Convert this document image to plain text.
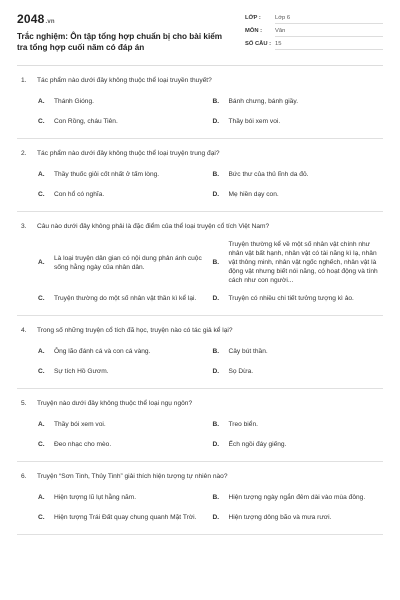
2048.vn
Trắc nghiệm: Ôn tập tổng hợp chuẩn bị cho bài kiểm tra tổng hợp cuối năm có đáp án
LỚP :	Lớp 6
MÔN :	Văn
SỐ CÂU : 15
1.	Tác phẩm nào dưới đây không thuộc thể loại truyền thuyết?
A.	Thánh Gióng.	B.	Bánh chưng, bánh giầy.
C.	Con Rồng, cháu Tiên.	D.	Thầy bói xem voi.
2.	Tác phẩm nào dưới đây không thuộc thể loại truyện trung đại?
A.	Thầy thuốc giỏi cốt nhất ở tấm lòng.	B.	Bức thư của thủ lĩnh da đỏ.
C.	Con hổ có nghĩa.	D.	Mẹ hiền dạy con.
3.	Câu nào dưới đây không phải là đặc điểm của thể loại truyện cổ tích Việt Nam?
A.
Là loại truyện dân gian có nội dung phản ánh cuộc sống hằng ngày của nhân dân.
B.
Truyện thường kể về một số nhân vật chính như nhân vật bất hạnh, nhân vật có tài năng kì lạ, nhân vật thông minh, nhân vật ngốc nghếch, nhân vật là động vật nhưng biết nói năng, có hoạt động và tính cách như con người...
C.	Truyện thường do một số nhân vật thần kì kể lại.	D.	Truyện có nhiều chi tiết tưởng tượng kì ảo.
4.	Trong số những truyện cổ tích đã học, truyện nào có tác giả kể lại?
A.	Ông lão đánh cá và con cá vàng.	B.	Cây bút thần.
C.	Sự tích Hồ Gươm.	D.	Sọ Dừa.
5.	Truyện nào dưới đây không thuộc thể loại ngụ ngôn?
A.	Thầy bói xem voi.	B.	Treo biển.
C.	Đeo nhạc cho mèo.	D.	Ếch ngồi đáy giếng.
6.	Truyện “Sơn Tinh, Thủy Tinh” giải thích hiện tượng tự nhiên nào?
A.	Hiện tượng lũ lụt hằng năm.	B.	Hiện tượng ngày ngắn đêm dài vào mùa đông.
C.	Hiện tượng Trái Đất quay chung quanh Mặt Trời.	D.	Hiện tượng dông bão và mưa rươi.
